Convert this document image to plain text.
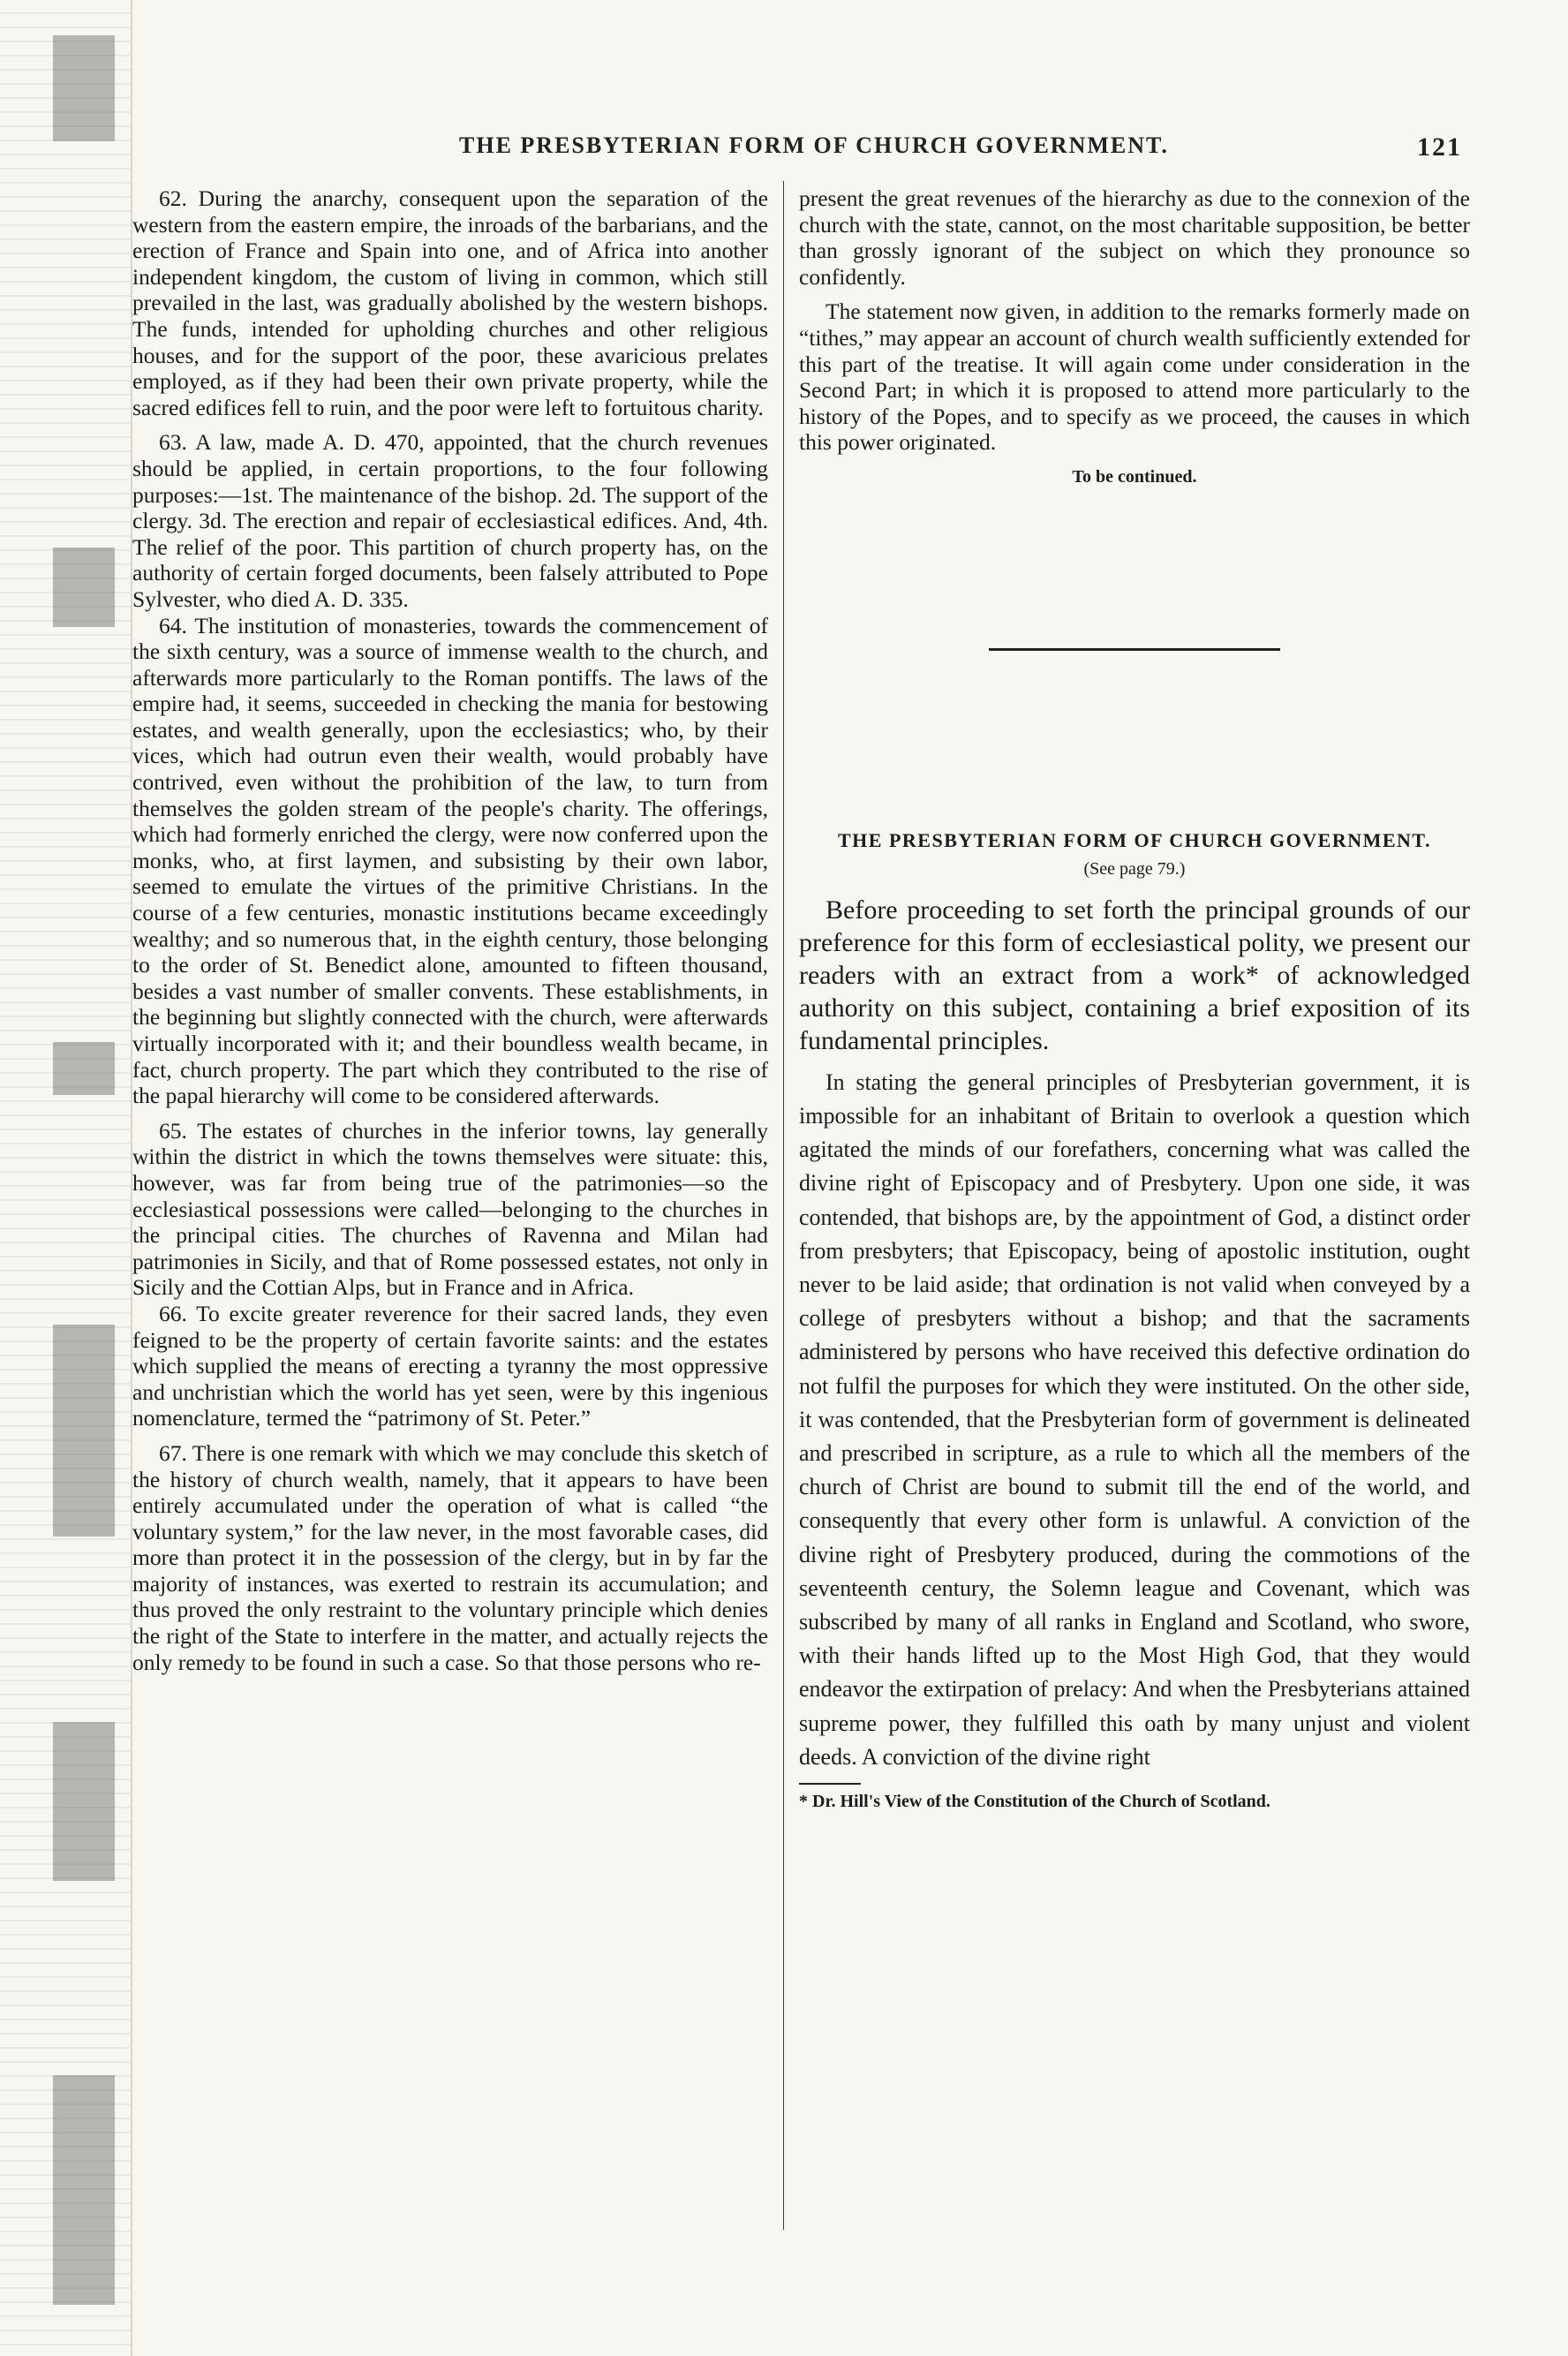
THE PRESBYTERIAN FORM OF CHURCH GOVERNMENT.	121

62. During the anarchy, consequent upon the separation of the western from the eastern empire, the inroads of the barbarians, and the erection of France and Spain into one, and of Africa into another independent kingdom, the custom of living in common, which still prevailed in the last, was gradually abolished by the western bishops. The funds, intended for upholding churches and other religious houses, and for the support of the poor, these avaricious prelates employed, as if they had been their own private property, while the sacred edifices fell to ruin, and the poor were left to fortuitous charity.

63. A law, made A. D. 470, appointed, that the church revenues should be applied, in certain proportions, to the four following purposes:—1st. The maintenance of the bishop. 2d. The support of the clergy. 3d. The erection and repair of ecclesiastical edifices. And, 4th. The relief of the poor. This partition of church property has, on the authority of certain forged documents, been falsely attributed to Pope Sylvester, who died A. D. 335.

64. The institution of monasteries, towards the commencement of the sixth century, was a source of immense wealth to the church, and afterwards more particularly to the Roman pontiffs. The laws of the empire had, it seems, succeeded in checking the mania for bestowing estates, and wealth generally, upon the ecclesiastics; who, by their vices, which had outrun even their wealth, would probably have contrived, even without the prohibition of the law, to turn from themselves the golden stream of the people's charity. The offerings, which had formerly enriched the clergy, were now conferred upon the monks, who, at first laymen, and subsisting by their own labor, seemed to emulate the virtues of the primitive Christians. In the course of a few centuries, monastic institutions became exceedingly wealthy; and so numerous that, in the eighth century, those belonging to the order of St. Benedict alone, amounted to fifteen thousand, besides a vast number of smaller convents. These establishments, in the beginning but slightly connected with the church, were afterwards virtually incorporated with it; and their boundless wealth became, in fact, church property. The part which they contributed to the rise of the papal hierarchy will come to be considered afterwards.

65. The estates of churches in the inferior towns, lay generally within the district in which the towns themselves were situate: this, however, was far from being true of the patrimonies—so the ecclesiastical possessions were called—belonging to the churches in the principal cities. The churches of Ravenna and Milan had patrimonies in Sicily, and that of Rome possessed estates, not only in Sicily and the Cottian Alps, but in France and in Africa.

66. To excite greater reverence for their sacred lands, they even feigned to be the property of certain favorite saints: and the estates which supplied the means of erecting a tyranny the most oppressive and unchristian which the world has yet seen, were by this ingenious nomenclature, termed the “patrimony of St. Peter.”

67. There is one remark with which we may conclude this sketch of the history of church wealth, namely, that it appears to have been entirely accumulated under the operation of what is called “the voluntary system,” for the law never, in the most favorable cases, did more than protect it in the possession of the clergy, but in by far the majority of instances, was exerted to restrain its accumulation; and thus proved the only restraint to the voluntary principle which denies the right of the State to interfere in the matter, and actually rejects the only remedy to be found in such a case. So that those persons who re-

present the great revenues of the hierarchy as due to the connexion of the church with the state, cannot, on the most charitable supposition, be better than grossly ignorant of the subject on which they pronounce so confidently.

The statement now given, in addition to the remarks formerly made on “tithes,” may appear an account of church wealth sufficiently extended for this part of the treatise. It will again come under consideration in the Second Part; in which it is proposed to attend more particularly to the history of the Popes, and to specify as we proceed, the causes in which this power originated.

To be continued.
THE PRESBYTERIAN FORM OF CHURCH GOVERNMENT.
(See page 79.)

Before proceeding to set forth the principal grounds of our preference for this form of ecclesiastical polity, we present our readers with an extract from a work* of acknowledged authority on this subject, containing a brief exposition of its fundamental principles.

In stating the general principles of Presbyterian government, it is impossible for an inhabitant of Britain to overlook a question which agitated the minds of our forefathers, concerning what was called the divine right of Episcopacy and of Presbytery. Upon one side, it was contended, that bishops are, by the appointment of God, a distinct order from presbyters; that Episcopacy, being of apostolic institution, ought never to be laid aside; that ordination is not valid when conveyed by a college of presbyters without a bishop; and that the sacraments administered by persons who have received this defective ordination do not fulfil the purposes for which they were instituted. On the other side, it was contended, that the Presbyterian form of government is delineated and prescribed in scripture, as a rule to which all the members of the church of Christ are bound to submit till the end of the world, and consequently that every other form is unlawful. A conviction of the divine right of Presbytery produced, during the commotions of the seventeenth century, the Solemn league and Covenant, which was subscribed by many of all ranks in England and Scotland, who swore, with their hands lifted up to the Most High God, that they would endeavor the extirpation of prelacy: And when the Presbyterians attained supreme power, they fulfilled this oath by many unjust and violent deeds. A conviction of the divine right

* Dr. Hill's View of the Constitution of the Church of Scotland.
